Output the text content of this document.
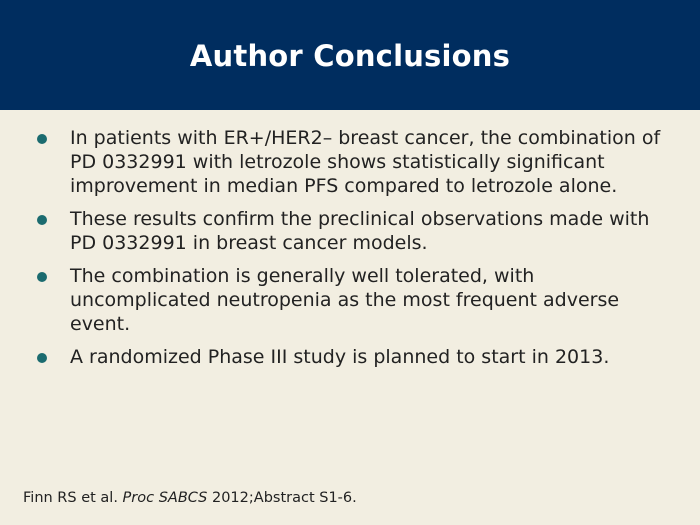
Author Conclusions
In patients with ER+/HER2– breast cancer, the combination of PD 0332991 with letrozole shows statistically significant improvement in median PFS compared to letrozole alone.
These results confirm the preclinical observations made with PD 0332991 in breast cancer models.
The combination is generally well tolerated, with uncomplicated neutropenia as the most frequent adverse event.
A randomized Phase III study is planned to start in 2013.
Finn RS et al. Proc SABCS 2012;Abstract S1-6.
